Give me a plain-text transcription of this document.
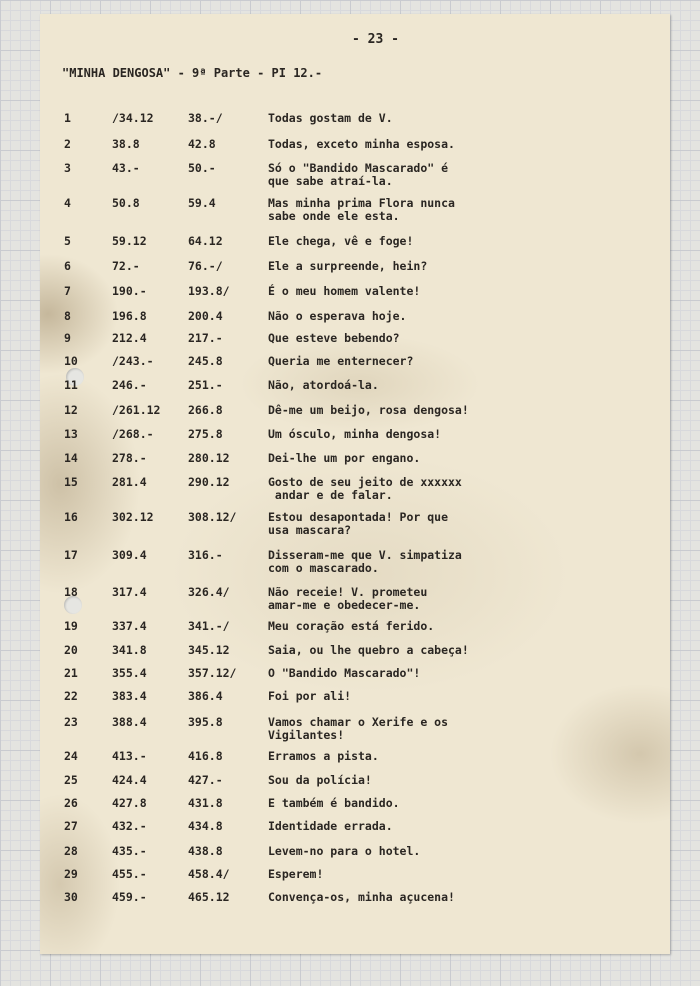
- 23 -
"MINHA DENGOSA" - 9ª Parte - PI 12.-
1	/34.12	38.-/	Todas gostam de V.
2	38.8	42.8	Todas, exceto minha esposa.
3	43.-	50.-	Só o "Bandido Mascarado" é
que sabe atraí-la.
4	50.8	59.4	Mas minha prima Flora nunca
sabe onde ele esta.
5	59.12	64.12	Ele chega, vê e foge!
6	72.-	76.-/	Ele a surpreende, hein?
7	190.-	193.8/	É o meu homem valente!
8	196.8	200.4	Não o esperava hoje.
9	212.4	217.-	Que esteve bebendo?
10	/243.-	245.8	Queria me enternecer?
11	246.-	251.-	Não, atordoá-la.
12	/261.12 266.8	Dê-me um beijo, rosa dengosa!
13	/268.-	275.8	Um ósculo, minha dengosa!
14	278.-	280.12	Dei-lhe um por engano.
15	281.4	290.12	Gosto de seu jeito de xxxxxx
andar e de falar.
16	302.12	308.12/	Estou desapontada! Por que
usa mascara?
17	309.4	316.-	Disseram-me que V. simpatiza
com o mascarado.
18	317.4	326.4/	Não receie! V. prometeu
amar-me e obedecer-me.
19	337.4	341.-/	Meu coração está ferido.
20	341.8	345.12	Saia, ou lhe quebro a cabeça!
21	355.4	357.12/	O "Bandido Mascarado"!
22	383.4	386.4	Foi por ali!
23	388.4	395.8	Vamos chamar o Xerife e os
Vigilantes!
24	413.-	416.8	Erramos a pista.
25	424.4	427.-	Sou da polícia!
26	427.8	431.8	E também é bandido.
27	432.-	434.8	Identidade errada.
28	435.-	438.8	Levem-no para o hotel.
29	455.-	458.4/	Esperem!
30	459.-	465.12	Convença-os, minha açucena!
